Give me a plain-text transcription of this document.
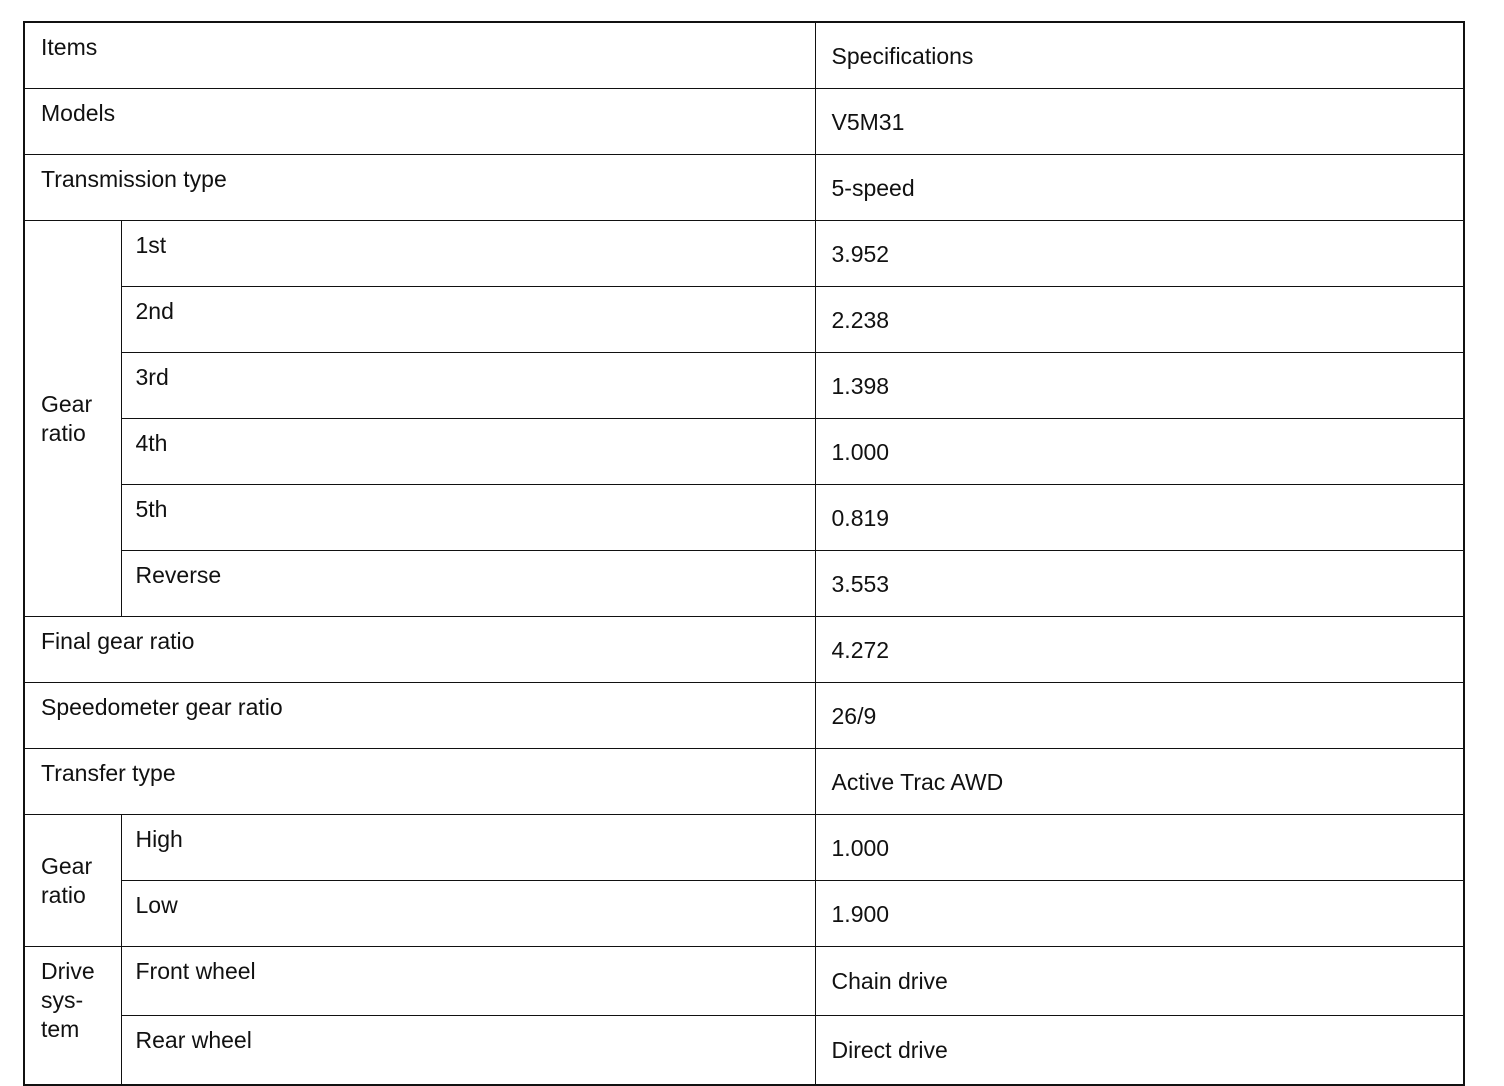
Items		Specifications
Models		V5M31
Transmission type		5-speed

Gear
ratio	1st	3.952
	2nd	2.238
	3rd	1.398
	4th	1.000
	5th	0.819
	Reverse	3.553
Final gear ratio		4.272
Speedometer gear ratio		26/9
Transfer type		Active Trac AWD

Gear
ratio	High	1.000
	Low	1.900

Drive
sys-
tem	Front wheel	Chain drive
	Rear wheel	Direct drive
